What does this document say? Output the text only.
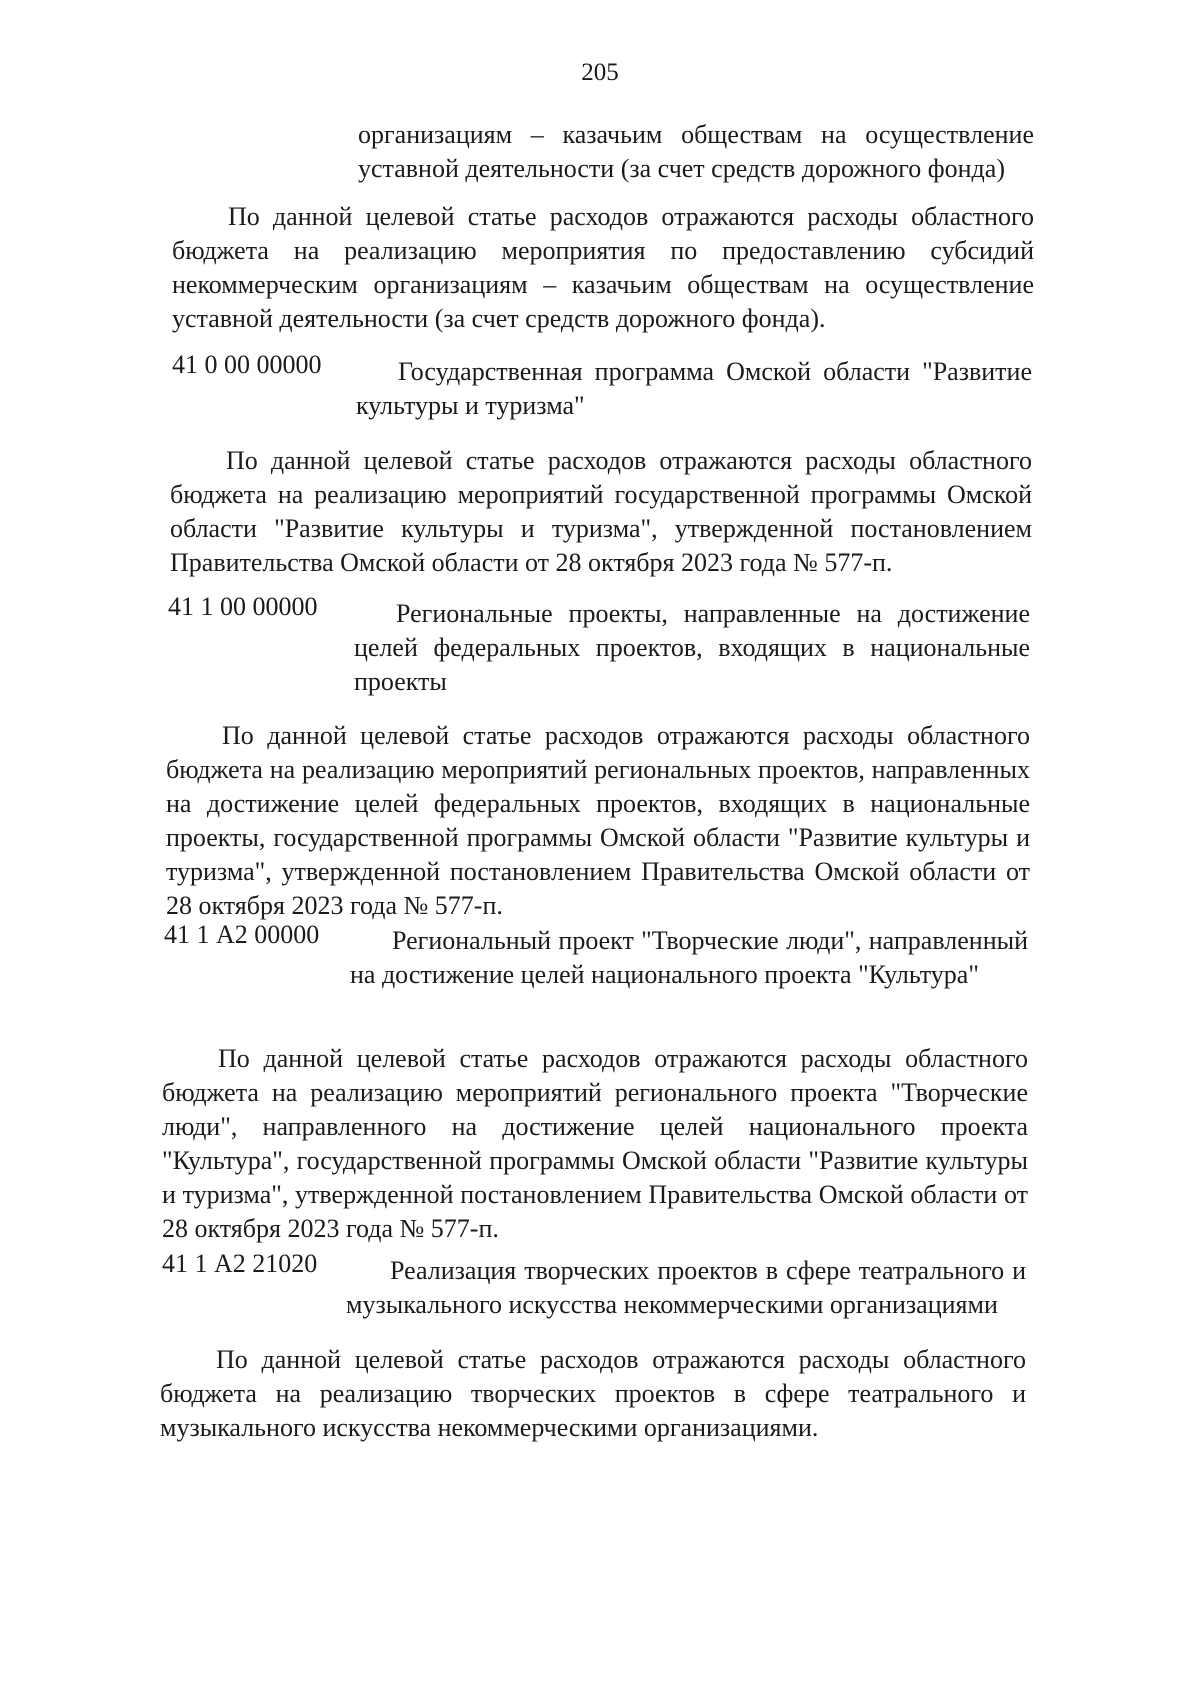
205
организациям – казачьим обществам на осуществление уставной деятельности (за счет средств дорожного фонда)
По данной целевой статье расходов отражаются расходы областного бюджета на реализацию мероприятия по предоставлению субсидий некоммерческим организациям – казачьим обществам на осуществление уставной деятельности (за счет средств дорожного фонда).
41 0 00 00000	Государственная программа Омской области "Развитие культуры и туризма"
По данной целевой статье расходов отражаются расходы областного бюджета на реализацию мероприятий государственной программы Омской области "Развитие культуры и туризма", утвержденной постановлением Правительства Омской области от 28 октября 2023 года № 577-п.
41 1 00 00000	Региональные проекты, направленные на достижение целей федеральных проектов, входящих в национальные проекты
По данной целевой статье расходов отражаются расходы областного бюджета на реализацию мероприятий региональных проектов, направленных на достижение целей федеральных проектов, входящих в национальные проекты, государственной программы Омской области "Развитие культуры и туризма", утвержденной постановлением Правительства Омской области от 28 октября 2023 года № 577-п.
41 1 А2 00000	Региональный проект "Творческие люди", направленный на достижение целей национального проекта "Культура"
По данной целевой статье расходов отражаются расходы областного бюджета на реализацию мероприятий регионального проекта "Творческие люди", направленного на достижение целей национального проекта "Культура", государственной программы Омской области "Развитие культуры и туризма", утвержденной постановлением Правительства Омской области от 28 октября 2023 года № 577-п.
41 1 А2 21020	Реализация творческих проектов в сфере театрального и музыкального искусства некоммерческими организациями
По данной целевой статье расходов отражаются расходы областного бюджета на реализацию творческих проектов в сфере театрального и музыкального искусства некоммерческими организациями.
